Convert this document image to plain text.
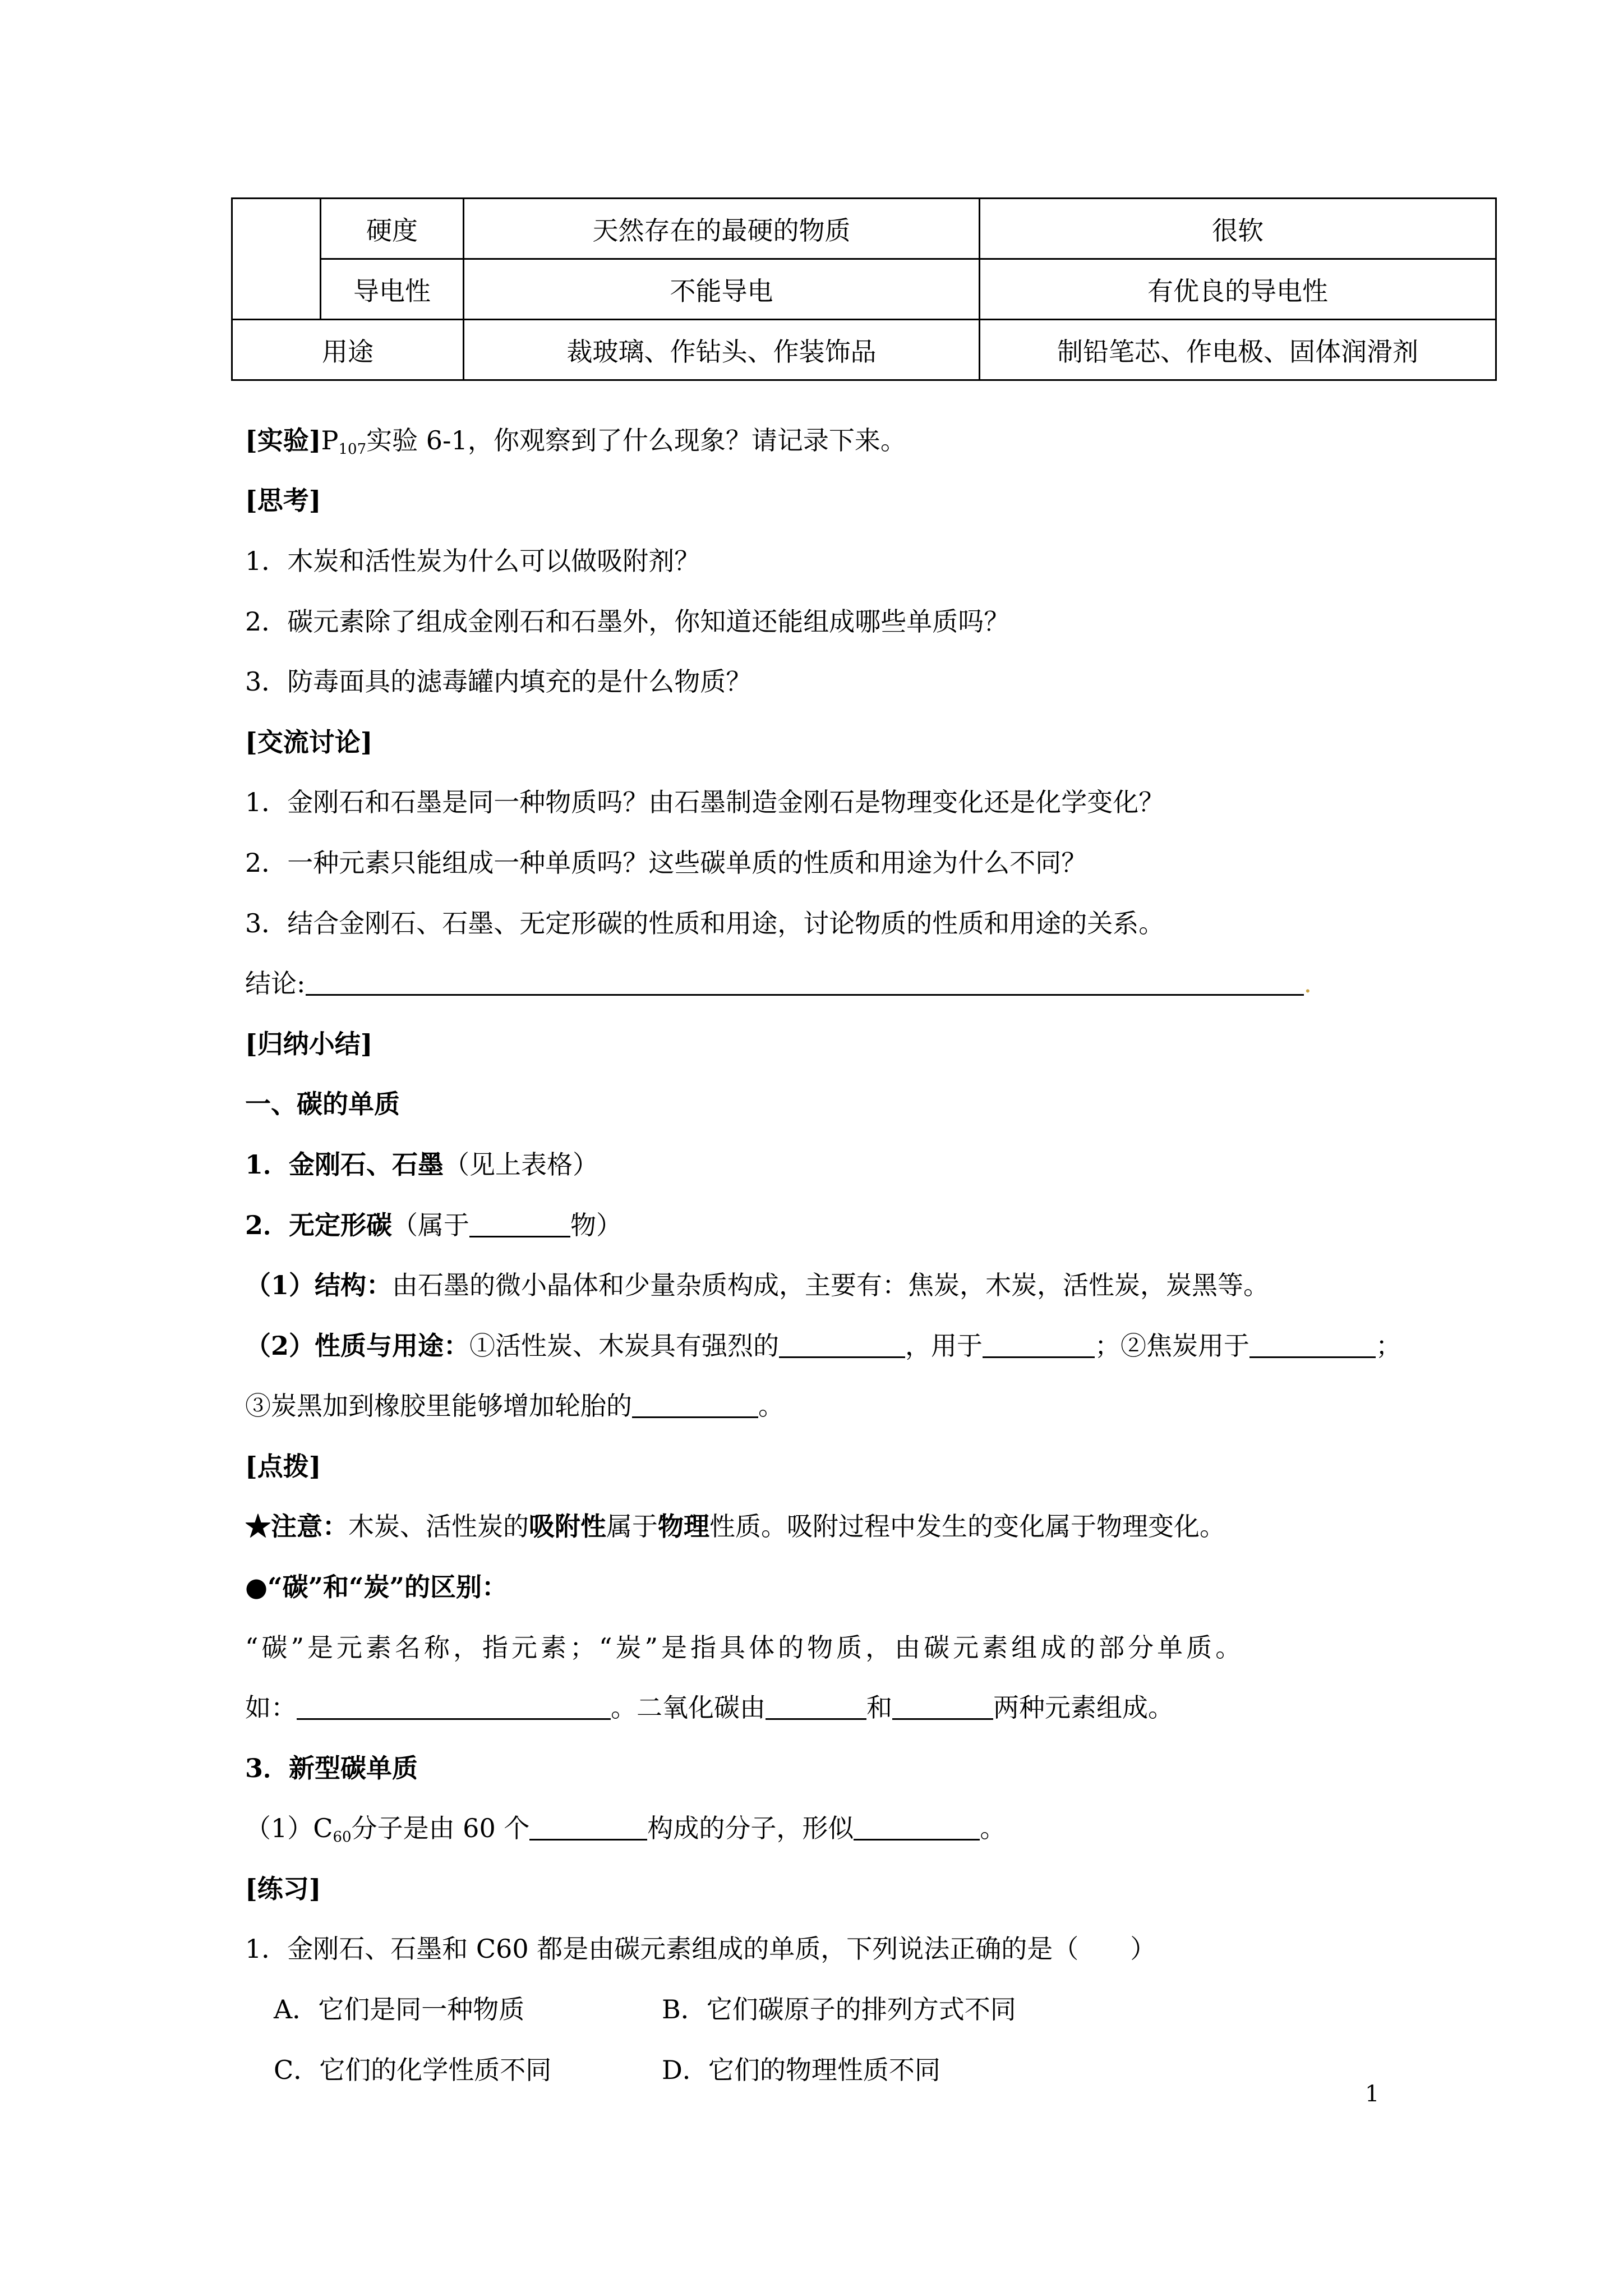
	硬度	天然存在的最硬的物质	很软
	导电性	不能导电	有优良的导电性
用途		裁玻璃、作钻头、作装饰品	制铅笔芯、作电极、固体润滑剂
[实验]$P_{107}$实验 6-1，你观察到了什么现象？请记录下来。
[思考]
1．木炭和活性炭为什么可以做吸附剂？
2．碳元素除了组成金刚石和石墨外，你知道还能组成哪些单质吗？
3．防毒面具的滤毒罐内填充的是什么物质？
[交流讨论]
1．金刚石和石墨是同一种物质吗？由石墨制造金刚石是物理变化还是化学变化？
2．一种元素只能组成一种单质吗？这些碳单质的性质和用途为什么不同？
3．结合金刚石、石墨、无定形碳的性质和用途，讨论物质的性质和用途的关系。
结论:	.
[归纳小结]
一、碳的单质
1．金刚石、石墨（见上表格）
2．无定形碳（属于	物）
（1）结构：由石墨的微小晶体和少量杂质构成，主要有：焦炭，木炭，活性炭，炭黑等。
（2）性质与用途：①活性炭、木炭具有强烈的	，用于	；②焦炭用于	；
③炭黑加到橡胶里能够增加轮胎的	。
[点拨]
★注意：木炭、活性炭的吸附性属于物理性质。吸附过程中发生的变化属于物理变化。
●“碳”和“炭”的区别：
“碳”是元素名称，指元素；“炭”是指具体的物质，由碳元素组成的部分单质。
如：	。二氧化碳由	和	两种元素组成。
3．新型碳单质
$(1)C_{60}$分子是由 60 个	构成的分子，形似	。
[练习]
1．金刚石、石墨和 C60 都是由碳元素组成的单质，下列说法正确的是（　　）
A．它们是同一种物质	B．它们碳原子的排列方式不同
C．它们的化学性质不同	D．它们的物理性质不同
1
